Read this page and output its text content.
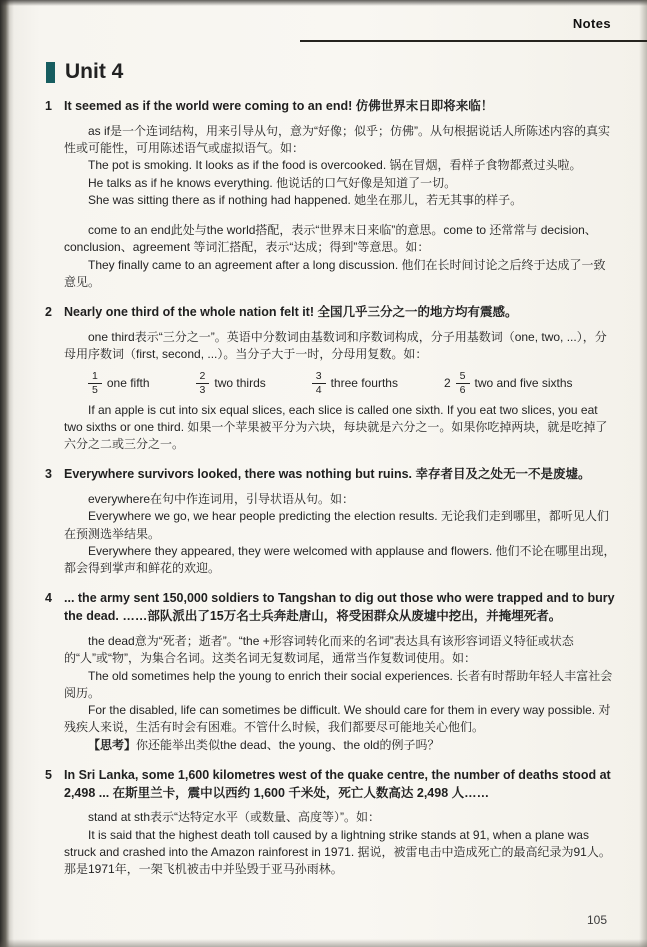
Notes
Unit 4
1 It seemed as if the world were coming to an end! 仿佛世界末日即将来临！

as if是一个连词结构，用来引导从句，意为“好像；似乎；仿佛”。从句根据说话人所陈述内容的真实性或可能性，可用陈述语气或虚拟语气。如：

The pot is smoking. It looks as if the food is overcooked. 锅在冒烟，看样子食物都煮过头啦。

He talks as if he knows everything. 他说话的口气好像是知道了一切。

She was sitting there as if nothing had happened. 她坐在那儿，若无其事的样子。

come to an end此处与the world搭配，表示“世界末日来临”的意思。come to 还常常与 decision、conclusion、agreement 等词汇搭配，表示“达成；得到”等意思。如：

They finally came to an agreement after a long discussion. 他们在长时间讨论之后终于达成了一致意见。

2 Nearly one third of the whole nation felt it! 全国几乎三分之一的地方均有震感。

one third表示“三分之一”。英语中分数词由基数词和序数词构成，分子用基数词（one, two, ...），分母用序数词（first, second, ...）。当分子大于一时，分母用复数。如：

$\frac{1}{5}$ one fifth	$\frac{2}{3}$ two thirds	$\frac{3}{4}$ three fourths	$2 \frac{5}{6}$ two and five sixths

If an apple is cut into six equal slices, each slice is called one sixth. If you eat two slices, you eat two sixths or one third. 如果一个苹果被平分为六块，每块就是六分之一。如果你吃掉两块，就是吃掉了六分之二或三分之一。

3 Everywhere survivors looked, there was nothing but ruins. 幸存者目及之处无一不是废墟。

everywhere在句中作连词用，引导状语从句。如：

Everywhere we go, we hear people predicting the election results. 无论我们走到哪里，都听见人们在预测选举结果。

Everywhere they appeared, they were welcomed with applause and flowers. 他们不论在哪里出现，都会得到掌声和鲜花的欢迎。

4 ... the army sent 150,000 soldiers to Tangshan to dig out those who were trapped and to bury the dead. ……部队派出了15万名士兵奔赴唐山，将受困群众从废墟中挖出，并掩埋死者。

the dead意为“死者；逝者”。“the +形容词转化而来的名词”表达具有该形容词语义特征或状态的“人”或“物”，为集合名词。这类名词无复数词尾，通常当作复数词使用。如：

The old sometimes help the young to enrich their social experiences. 长者有时帮助年轻人丰富社会阅历。

For the disabled, life can sometimes be difficult. We should care for them in every way possible. 对残疾人来说，生活有时会有困难。不管什么时候，我们都要尽可能地关心他们。

【思考】你还能举出类似the dead、the young、the old的例子吗？

5 In Sri Lanka, some 1,600 kilometres west of the quake centre, the number of deaths stood at 2,498 ... 在斯里兰卡，震中以西约 1,600 千米处，死亡人数高达 2,498 人……

stand at sth表示“达特定水平（或数量、高度等）”。如：

It is said that the highest death toll caused by a lightning strike stands at 91, when a plane was struck and crashed into the Amazon rainforest in 1971. 据说，被雷电击中造成死亡的最高纪录为91人。那是1971年，一架飞机被击中并坠毁于亚马孙雨林。

105
